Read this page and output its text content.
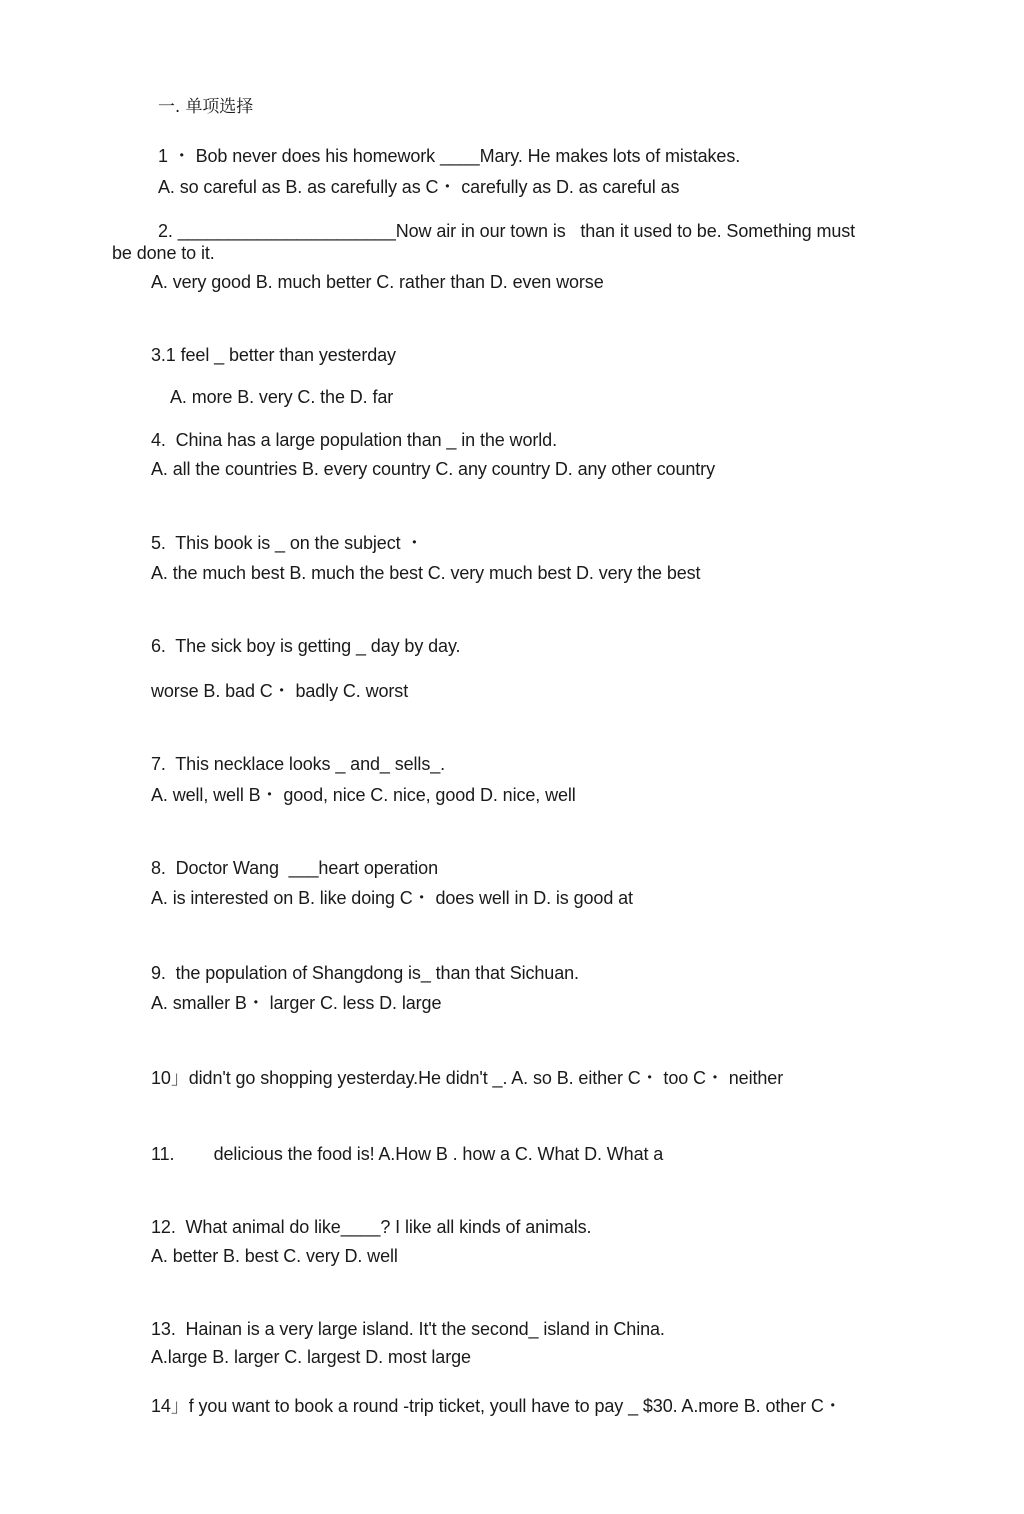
一. 单项选择
1 ・ Bob never does his homework ____Mary. He makes lots of mistakes.
A. so careful as B. as carefully as C・ carefully as D. as careful as
2. ______________________Now air in our town is   than it used to be. Something must
be done to it.
A. very good B. much better C. rather than D. even worse
3.1 feel _ better than yesterday
A. more B. very C. the D. far
4.  China has a large population than _ in the world.
A. all the countries B. every country C. any country D. any other country
5.  This book is _ on the subject ・
A. the much best B. much the best C. very much best D. very the best
6.  The sick boy is getting _ day by day.
worse B. bad C・ badly C. worst
7.  This necklace looks _ and_ sells_.
A. well, well B・ good, nice C. nice, good D. nice, well
8.  Doctor Wang  ___heart operation
A. is interested on B. like doing C・ does well in D. is good at
9.  the population of Shangdong is_ than that Sichuan.
A. smaller B・ larger C. less D. large
10」didn't go shopping yesterday.He didn't _. A. so B. either C・ too C・ neither
11.        delicious the food is! A.How B . how a C. What D. What a
12.  What animal do like____? I like all kinds of animals.
A. better B. best C. very D. well
13.  Hainan is a very large island. It't the second_ island in China.
A.large B. larger C. largest D. most large
14」f you want to book a round -trip ticket, youll have to pay _ $30. A.more B. other C・
